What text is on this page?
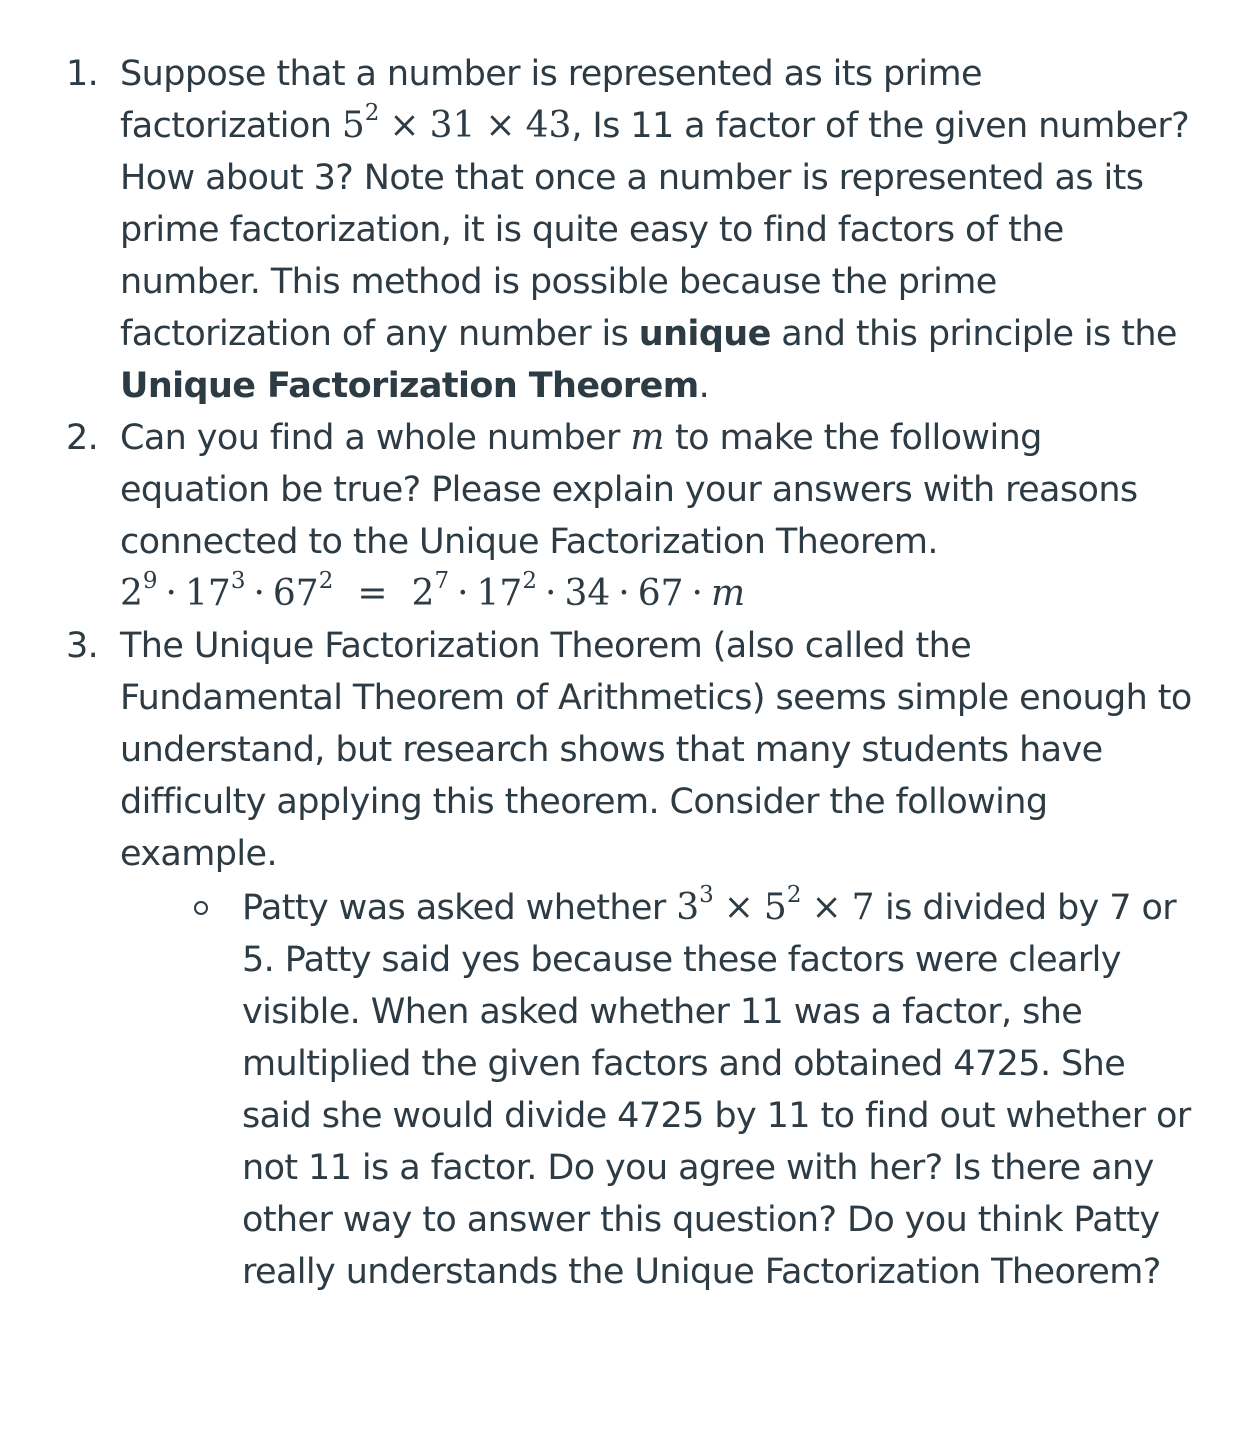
1. Suppose that a number is represented as its prime factorization $5^2 \times 31 \times 43$, Is 11 a factor of the given number? How about 3? Note that once a number is represented as its prime factorization, it is quite easy to find factors of the number. This method is possible because the prime factorization of any number is unique and this principle is the Unique Factorization Theorem.
2. Can you find a whole number m to make the following equation be true? Please explain your answers with reasons connected to the Unique Factorization Theorem.
$2^9 \cdot 17^3 \cdot 67^2 = 2^7 \cdot 17^2 \cdot 34 \cdot 67 \cdot m$
3. The Unique Factorization Theorem (also called the Fundamental Theorem of Arithmetics) seems simple enough to understand, but research shows that many students have difficulty applying this theorem. Consider the following example.
Patty was asked whether $3^3 \times 5^2 \times 7$ is divided by 7 or 5. Patty said yes because these factors were clearly visible. When asked whether 11 was a factor, she multiplied the given factors and obtained 4725. She said she would divide 4725 by 11 to find out whether or not 11 is a factor. Do you agree with her? Is there any other way to answer this question? Do you think Patty really understands the Unique Factorization Theorem?
